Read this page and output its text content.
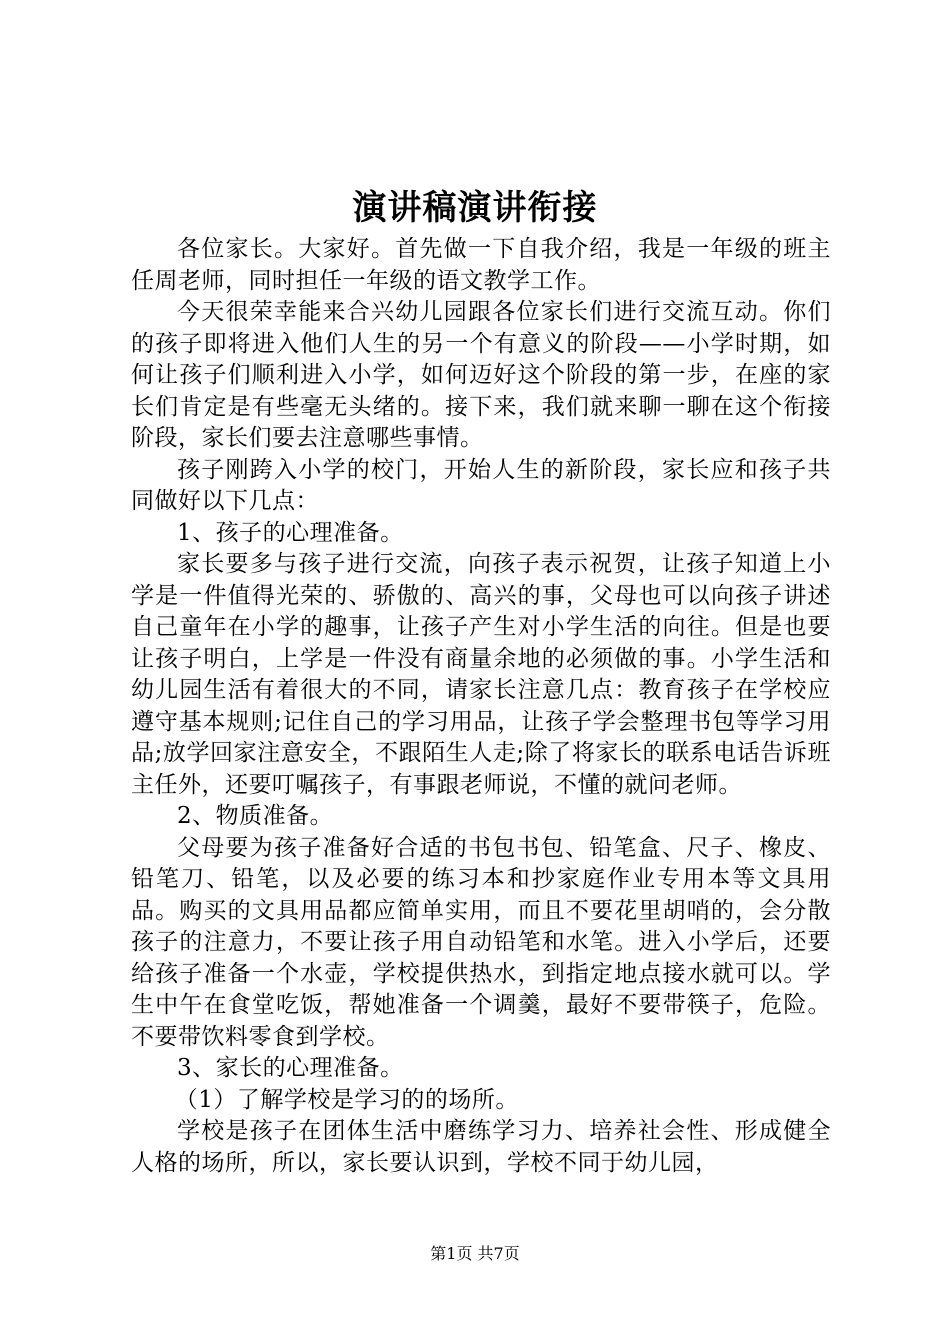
演讲稿演讲衔接

各位家长。大家好。首先做一下自我介绍，我是一年级的班主任周老师，同时担任一年级的语文教学工作。

今天很荣幸能来合兴幼儿园跟各位家长们进行交流互动。你们的孩子即将进入他们人生的另一个有意义的阶段——小学时期，如何让孩子们顺利进入小学，如何迈好这个阶段的第一步，在座的家长们肯定是有些毫无头绪的。接下来，我们就来聊一聊在这个衔接阶段，家长们要去注意哪些事情。

孩子刚跨入小学的校门，开始人生的新阶段，家长应和孩子共同做好以下几点：

1、孩子的心理准备。

家长要多与孩子进行交流，向孩子表示祝贺，让孩子知道上小学是一件值得光荣的、骄傲的、高兴的事，父母也可以向孩子讲述自己童年在小学的趣事，让孩子产生对小学生活的向往。但是也要让孩子明白，上学是一件没有商量余地的必须做的事。小学生活和幼儿园生活有着很大的不同，请家长注意几点：教育孩子在学校应遵守基本规则;记住自己的学习用品，让孩子学会整理书包等学习用品;放学回家注意安全，不跟陌生人走;除了将家长的联系电话告诉班主任外，还要叮嘱孩子，有事跟老师说，不懂的就问老师。

2、物质准备。

父母要为孩子准备好合适的书包书包、铅笔盒、尺子、橡皮、铅笔刀、铅笔，以及必要的练习本和抄家庭作业专用本等文具用品。购买的文具用品都应简单实用，而且不要花里胡哨的，会分散孩子的注意力，不要让孩子用自动铅笔和水笔。进入小学后，还要给孩子准备一个水壶，学校提供热水，到指定地点接水就可以。学生中午在食堂吃饭，帮她准备一个调羹，最好不要带筷子，危险。不要带饮料零食到学校。

3、家长的心理准备。

（1）了解学校是学习的的场所。

学校是孩子在团体生活中磨练学习力、培养社会性、形成健全人格的场所，所以，家长要认识到，学校不同于幼儿园，

第1页 共7页
